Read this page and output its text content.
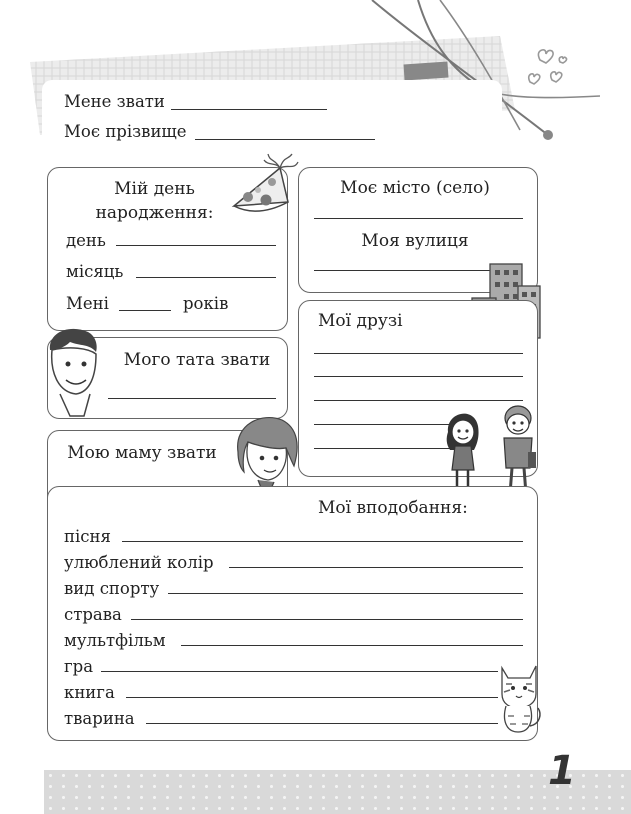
Мене звати
Моє прізвище
Мій день
народження:
день
місяць
Мені	років
Моє місто (село)
Моя вулиця
Мого тата звати
Мою маму звати
Мої друзі
Мої вподобання:
пісня
улюблений колір
вид спорту
страва
мультфільм
гра
книга
тварина
1
